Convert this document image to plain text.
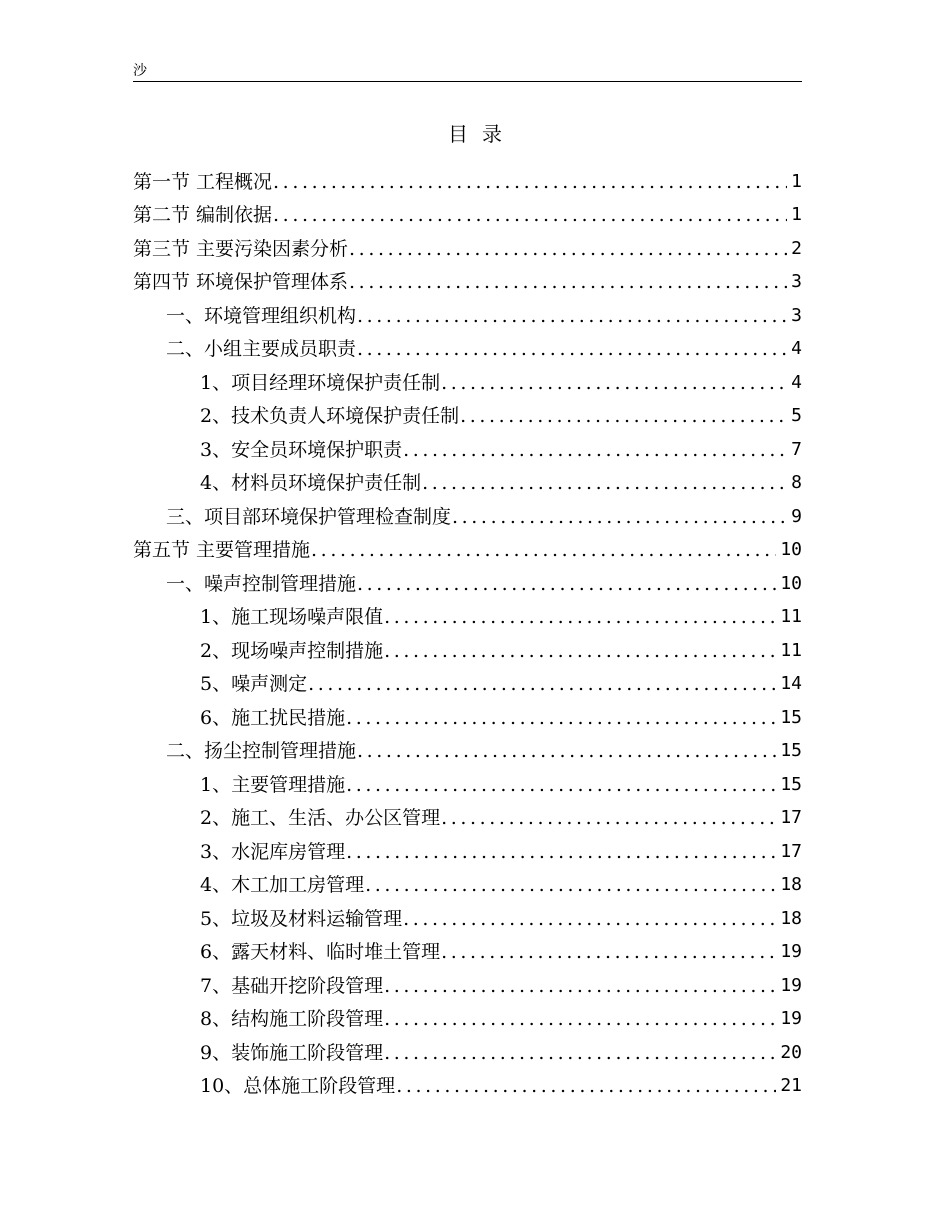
沙
目录
第一节 工程概况 .....	1
第二节 编制依据 .....	1
第三节 主要污染因素分析 .....	2
第四节 环境保护管理体系 .....	3
一、环境管理组织机构 .....	3
二、小组主要成员职责 .....	4
1、项目经理环境保护责任制 .....	4
2、技术负责人环境保护责任制 .....	5
3、安全员环境保护职责 .....	7
4、材料员环境保护责任制 .....	8
三、项目部环境保护管理检查制度 .....	9
第五节 主要管理措施 .....	10
一、噪声控制管理措施 .....	10
1、施工现场噪声限值 .....	11
2、现场噪声控制措施 .....	11
5、噪声测定 .....	14
6、施工扰民措施 .....	15
二、扬尘控制管理措施 .....	15
1、主要管理措施 .....	15
2、施工、生活、办公区管理 .....	17
3、水泥库房管理 .....	17
4、木工加工房管理 .....	18
5、垃圾及材料运输管理 .....	18
6、露天材料、临时堆土管理 .....	19
7、基础开挖阶段管理 .....	19
8、结构施工阶段管理 .....	19
9、装饰施工阶段管理 .....	20
10、总体施工阶段管理 .....	21
